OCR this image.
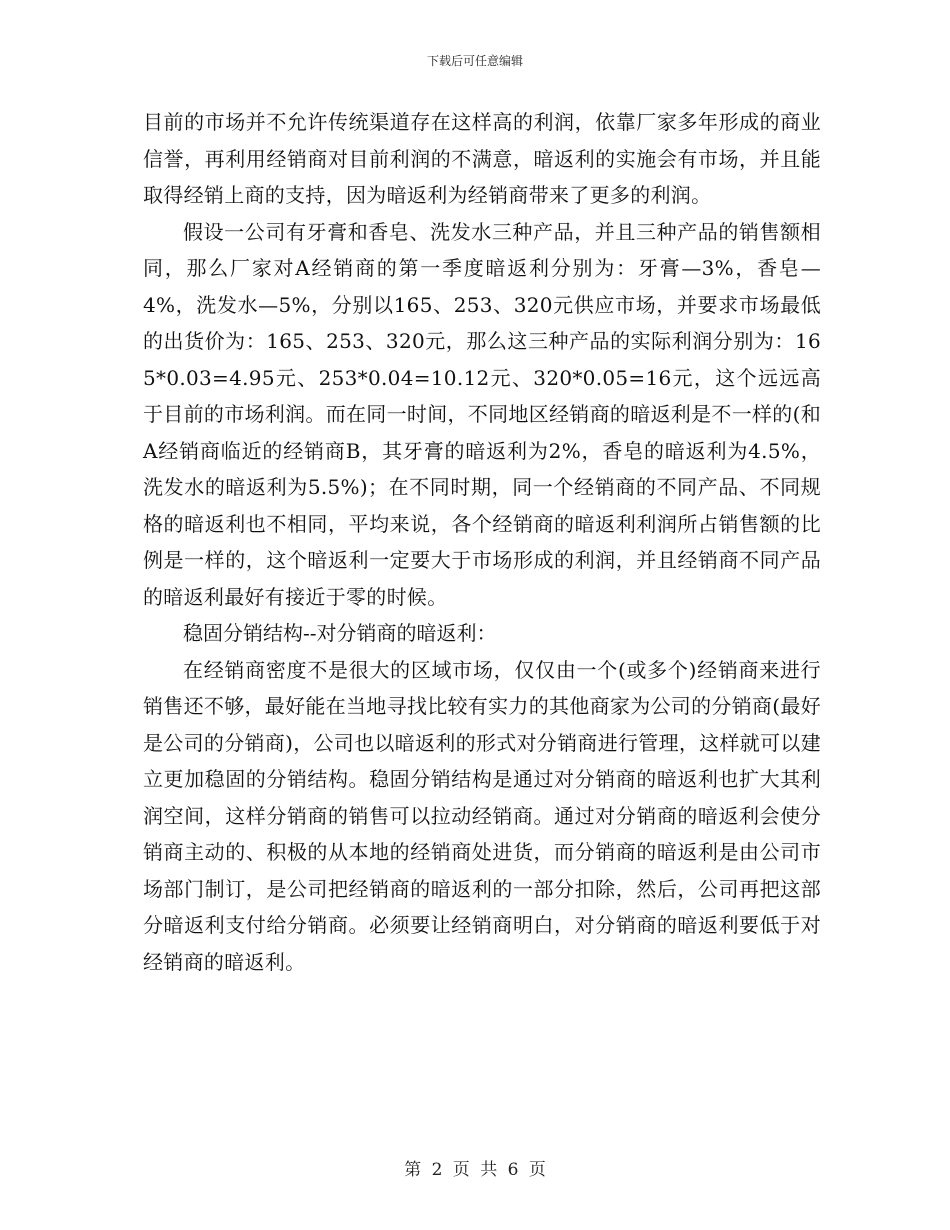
下载后可任意编辑

目前的市场并不允许传统渠道存在这样高的利润，依靠厂家多年形成的商业信誉，再利用经销商对目前利润的不满意，暗返利的实施会有市场，并且能取得经销上商的支持，因为暗返利为经销商带来了更多的利润。

假设一公司有牙膏和香皂、洗发水三种产品，并且三种产品的销售额相同，那么厂家对A经销商的第一季度暗返利分别为：牙膏—3%，香皂—4%，洗发水—5%，分别以165、253、320元供应市场，并要求市场最低的出货价为：165、253、320元，那么这三种产品的实际利润分别为：165*0.03=4.95元、253*0.04=10.12元、320*0.05=16元，这个远远高于目前的市场利润。而在同一时间，不同地区经销商的暗返利是不一样的(和A经销商临近的经销商B，其牙膏的暗返利为2%，香皂的暗返利为4.5%，洗发水的暗返利为5.5%)；在不同时期，同一个经销商的不同产品、不同规格的暗返利也不相同，平均来说，各个经销商的暗返利利润所占销售额的比例是一样的，这个暗返利一定要大于市场形成的利润，并且经销商不同产品的暗返利最好有接近于零的时候。

稳固分销结构--对分销商的暗返利：

在经销商密度不是很大的区域市场，仅仅由一个(或多个)经销商来进行销售还不够，最好能在当地寻找比较有实力的其他商家为公司的分销商(最好是公司的分销商)，公司也以暗返利的形式对分销商进行管理，这样就可以建立更加稳固的分销结构。稳固分销结构是通过对分销商的暗返利也扩大其利润空间，这样分销商的销售可以拉动经销商。通过对分销商的暗返利会使分销商主动的、积极的从本地的经销商处进货，而分销商的暗返利是由公司市场部门制订，是公司把经销商的暗返利的一部分扣除，然后，公司再把这部分暗返利支付给分销商。必须要让经销商明白，对分销商的暗返利要低于对经销商的暗返利。

第 2 页 共 6 页
